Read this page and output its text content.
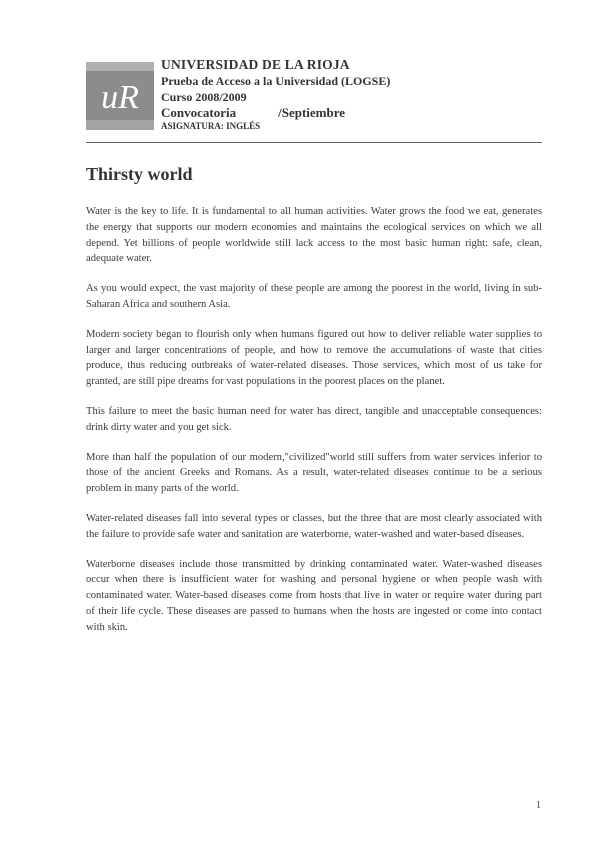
uR
UNIVERSIDAD DE LA RIOJA
Prueba de Acceso a la Universidad (LOGSE)
Curso 2008/2009
Convocatoria	/Septiembre
ASIGNATURA: INGLÉS
Thirsty world

Water is the key to life. It is fundamental to all human activities. Water grows the food we eat, generates the energy that supports our modern economies and maintains the ecological services on which we all depend. Yet billions of people worldwide still lack access to the most basic human right: safe, clean, adequate water.

As you would expect, the vast majority of these people are among the poorest in the world, living in sub-Saharan Africa and southern Asia.

Modern society began to flourish only when humans figured out how to deliver reliable water supplies to larger and larger concentrations of people, and how to remove the accumulations of waste that cities produce, thus reducing outbreaks of water-related diseases. Those services, which most of us take for granted, are still pipe dreams for vast populations in the poorest places on the planet.

This failure to meet the basic human need for water has direct, tangible and unacceptable consequences: drink dirty water and you get sick.

More than half the population of our modern,"civilized"world still suffers from water services inferior to those of the ancient Greeks and Romans. As a result, water-related diseases continue to be a serious problem in many parts of the world.

Water-related diseases fall into several types or classes, but the three that are most clearly associated with the failure to provide safe water and sanitation are waterborne, water-washed and water-based diseases.

Waterborne diseases include those transmitted by drinking contaminated water. Water-washed diseases occur when there is insufficient water for washing and personal hygiene or when people wash with contaminated water. Water-based diseases come from hosts that live in water or require water during part of their life cycle. These diseases are passed to humans when the hosts are ingested or come into contact with skin.

1
